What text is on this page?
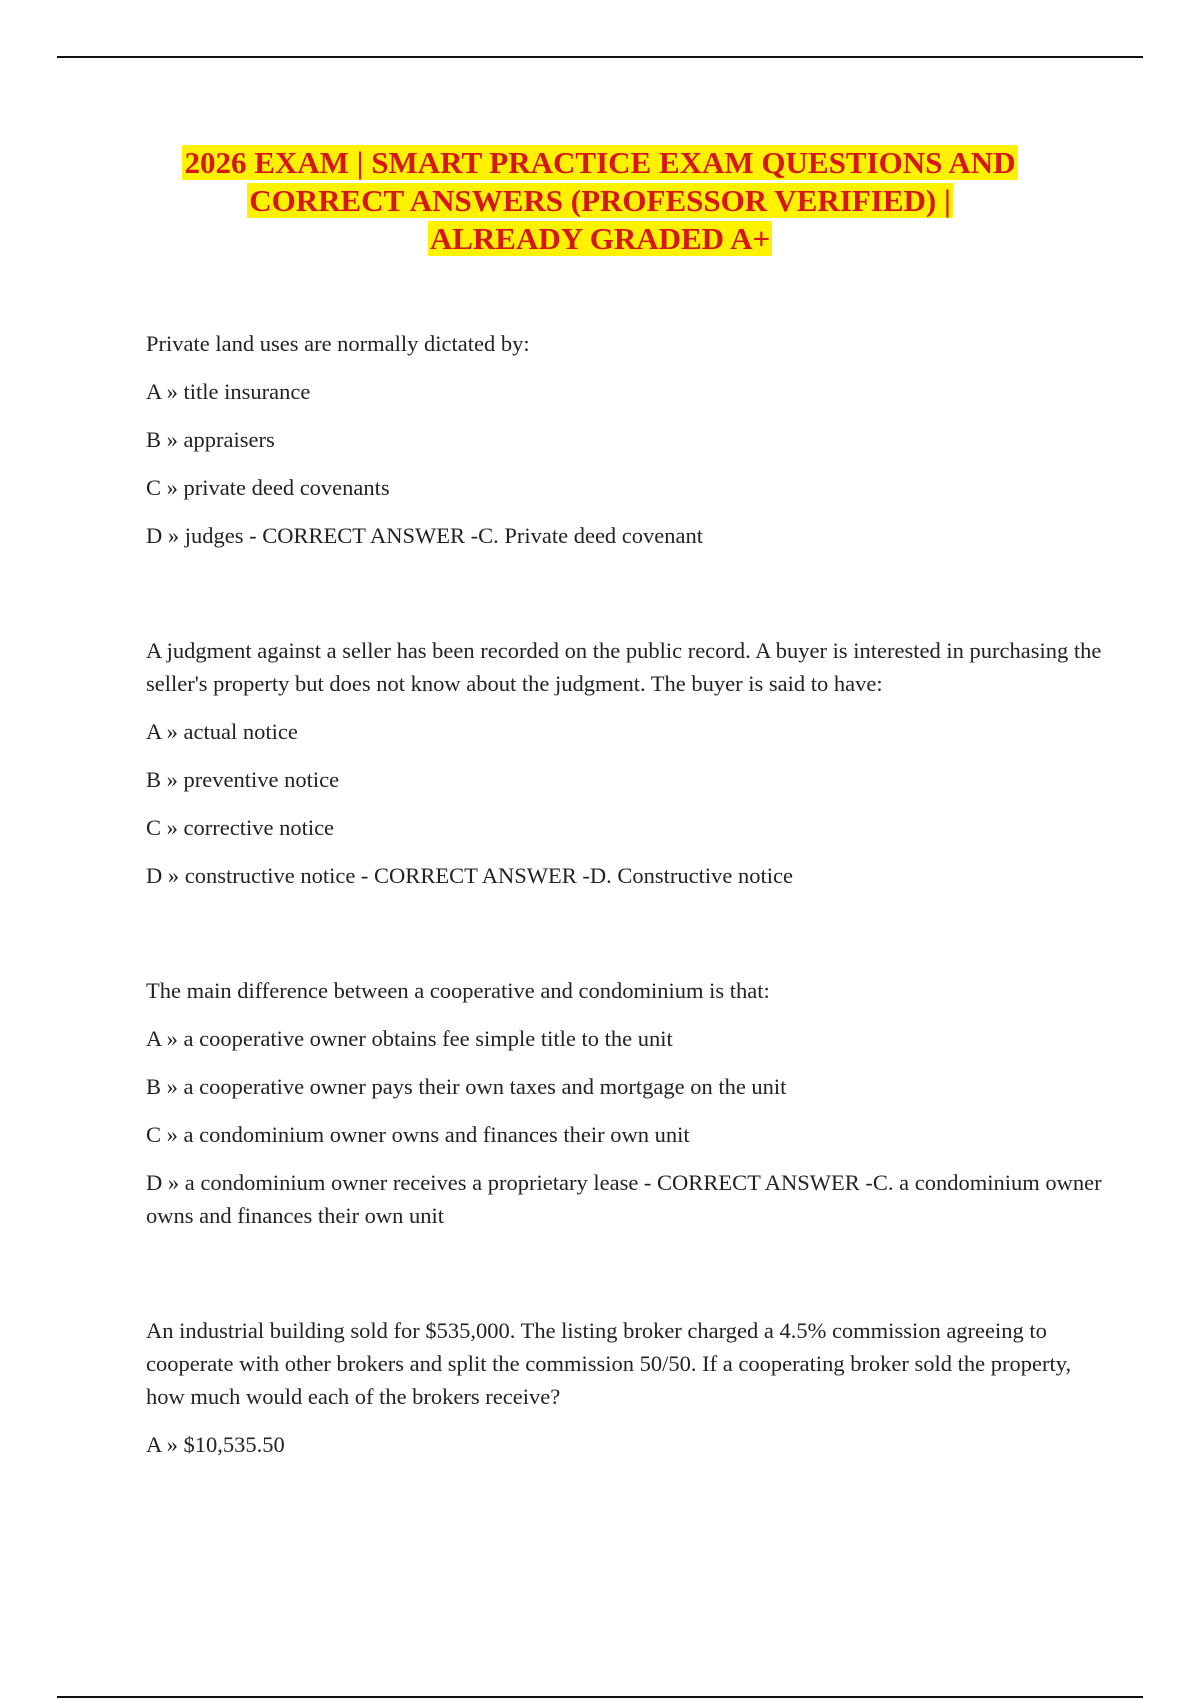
2026 EXAM | SMART PRACTICE EXAM QUESTIONS AND
CORRECT ANSWERS (PROFESSOR VERIFIED) |
ALREADY GRADED A+

Private land uses are normally dictated by:

A » title insurance

B » appraisers

C » private deed covenants

D » judges - CORRECT ANSWER -C. Private deed covenant

A judgment against a seller has been recorded on the public record. A buyer is interested in purchasing the seller's property but does not know about the judgment. The buyer is said to have:

A » actual notice

B » preventive notice

C » corrective notice

D » constructive notice - CORRECT ANSWER -D. Constructive notice

The main difference between a cooperative and condominium is that:

A » a cooperative owner obtains fee simple title to the unit

B » a cooperative owner pays their own taxes and mortgage on the unit

C » a condominium owner owns and finances their own unit

D » a condominium owner receives a proprietary lease - CORRECT ANSWER -C. a condominium owner owns and finances their own unit

An industrial building sold for $535,000. The listing broker charged a 4.5% commission agreeing to cooperate with other brokers and split the commission 50/50. If a cooperating broker sold the property, how much would each of the brokers receive?

A » $10,535.50
